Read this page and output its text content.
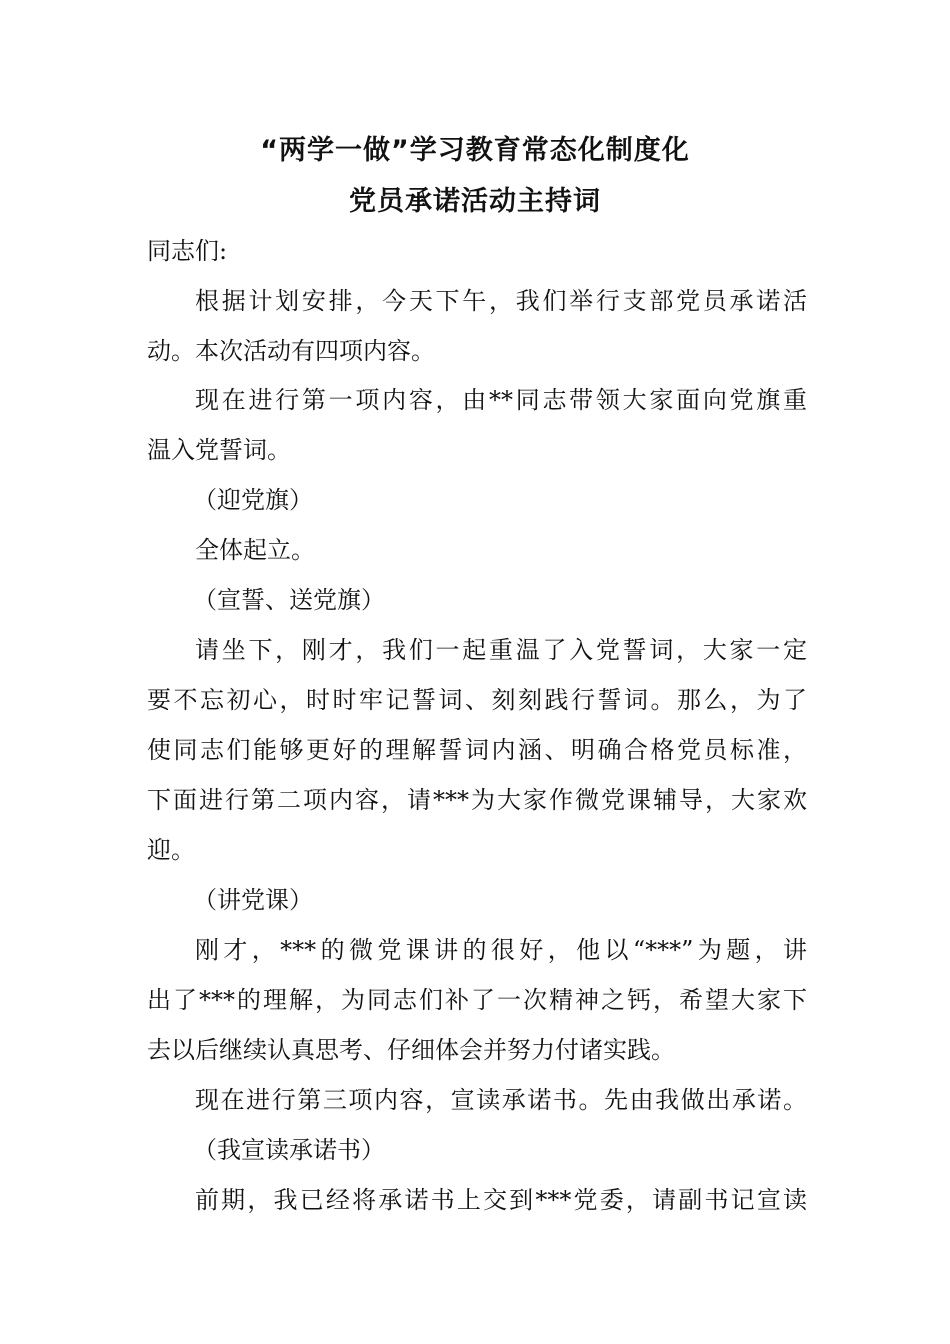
“两学一做”学习教育常态化制度化
党员承诺活动主持词
同志们:
根据计划安排，今天下午，我们举行支部党员承诺活
动。本次活动有四项内容。
现在进行第一项内容，由**同志带领大家面向党旗重
温入党誓词。
（迎党旗）
全体起立。
（宣誓、送党旗）
请坐下，刚才，我们一起重温了入党誓词，大家一定
要不忘初心，时时牢记誓词、刻刻践行誓词。那么，为了
使同志们能够更好的理解誓词内涵、明确合格党员标准，
下面进行第二项内容，请***为大家作微党课辅导，大家欢
迎。
（讲党课）
刚才，***的微党课讲的很好，他以“***”为题，讲
出了***的理解，为同志们补了一次精神之钙，希望大家下
去以后继续认真思考、仔细体会并努力付诸实践。
现在进行第三项内容，宣读承诺书。先由我做出承诺。
（我宣读承诺书）
前期，我已经将承诺书上交到***党委，请副书记宣读
